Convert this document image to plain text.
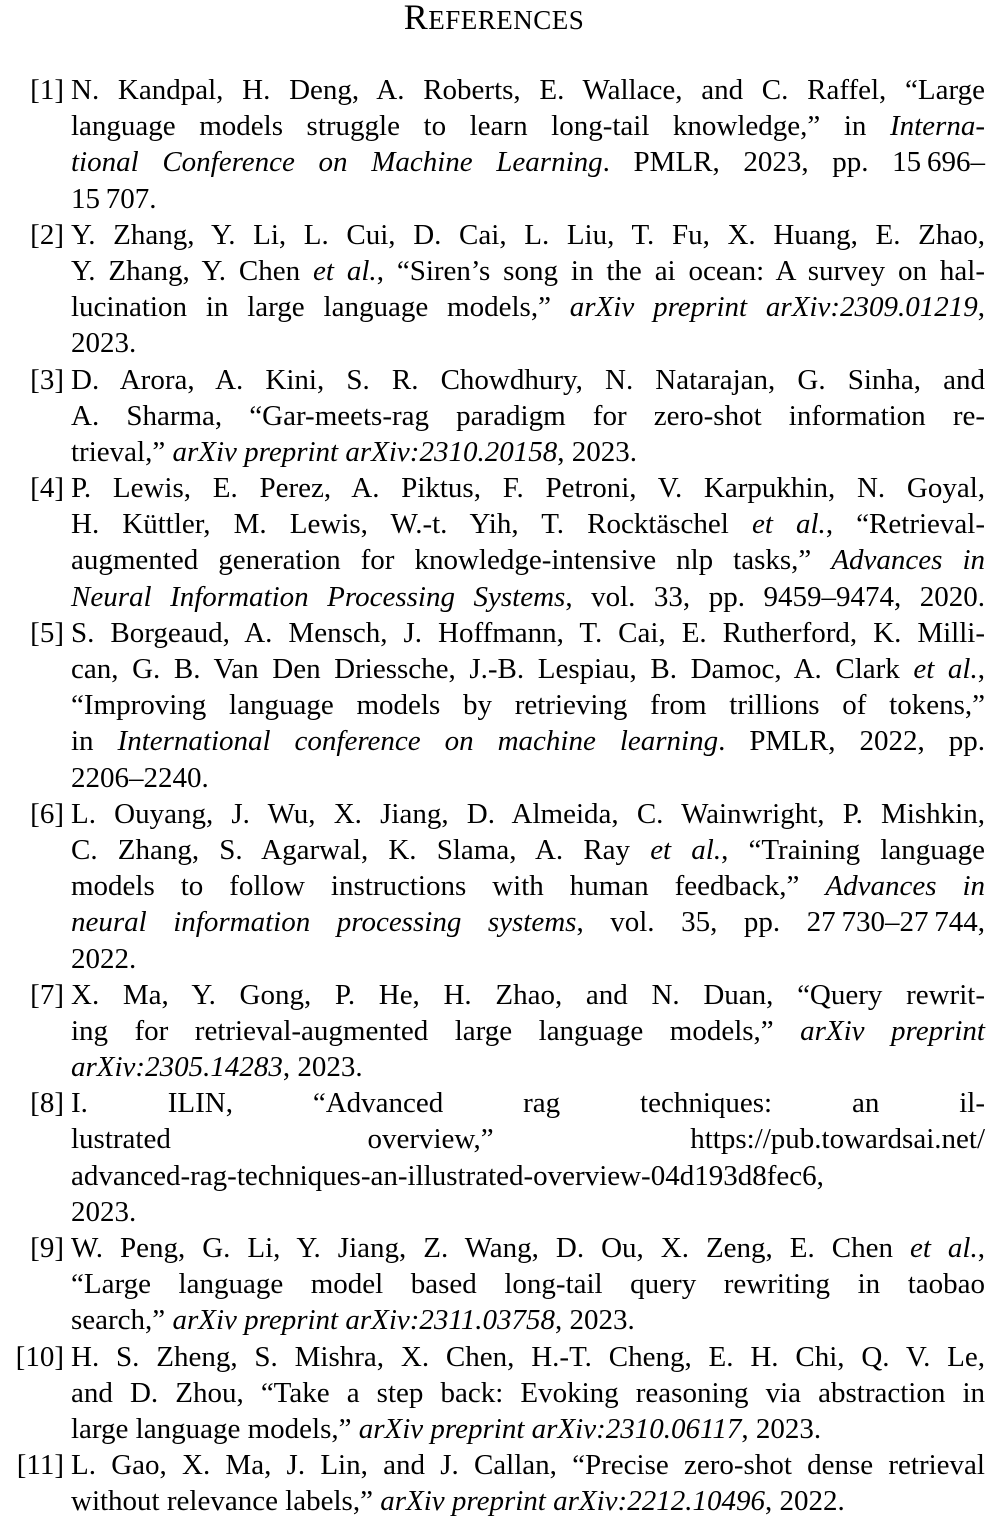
REFERENCES
[1] N. Kandpal, H. Deng, A. Roberts, E. Wallace, and C. Raffel, “Large
language models struggle to learn long-tail knowledge,” in Interna-
tional Conference on Machine Learning. PMLR, 2023, pp. 15 696–
15 707.
[2] Y. Zhang, Y. Li, L. Cui, D. Cai, L. Liu, T. Fu, X. Huang, E. Zhao,
Y. Zhang, Y. Chen et al., “Siren’s song in the ai ocean: A survey on hal-
lucination in large language models,” arXiv preprint arXiv:2309.01219,
2023.
[3] D. Arora, A. Kini, S. R. Chowdhury, N. Natarajan, G. Sinha, and
A. Sharma, “Gar-meets-rag paradigm for zero-shot information re-
trieval,” arXiv preprint arXiv:2310.20158, 2023.
[4] P. Lewis, E. Perez, A. Piktus, F. Petroni, V. Karpukhin, N. Goyal,
H. Küttler, M. Lewis, W.-t. Yih, T. Rocktäschel et al., “Retrieval-
augmented generation for knowledge-intensive nlp tasks,” Advances in
Neural Information Processing Systems, vol. 33, pp. 9459–9474, 2020.
[5] S. Borgeaud, A. Mensch, J. Hoffmann, T. Cai, E. Rutherford, K. Milli-
can, G. B. Van Den Driessche, J.-B. Lespiau, B. Damoc, A. Clark et al.,
“Improving language models by retrieving from trillions of tokens,”
in International conference on machine learning. PMLR, 2022, pp.
2206–2240.
[6] L. Ouyang, J. Wu, X. Jiang, D. Almeida, C. Wainwright, P. Mishkin,
C. Zhang, S. Agarwal, K. Slama, A. Ray et al., “Training language
models to follow instructions with human feedback,” Advances in
neural information processing systems, vol. 35, pp. 27 730–27 744,
2022.
[7] X. Ma, Y. Gong, P. He, H. Zhao, and N. Duan, “Query rewrit-
ing for retrieval-augmented large language models,” arXiv preprint
arXiv:2305.14283, 2023.
[8] I. ILIN, “Advanced rag techniques: an il-
lustrated overview,” https://pub.towardsai.net/
advanced-rag-techniques-an-illustrated-overview-04d193d8fec6,
2023.
[9] W. Peng, G. Li, Y. Jiang, Z. Wang, D. Ou, X. Zeng, E. Chen et al.,
“Large language model based long-tail query rewriting in taobao
search,” arXiv preprint arXiv:2311.03758, 2023.
[10] H. S. Zheng, S. Mishra, X. Chen, H.-T. Cheng, E. H. Chi, Q. V. Le,
and D. Zhou, “Take a step back: Evoking reasoning via abstraction in
large language models,” arXiv preprint arXiv:2310.06117, 2023.
[11] L. Gao, X. Ma, J. Lin, and J. Callan, “Precise zero-shot dense retrieval
without relevance labels,” arXiv preprint arXiv:2212.10496, 2022.
